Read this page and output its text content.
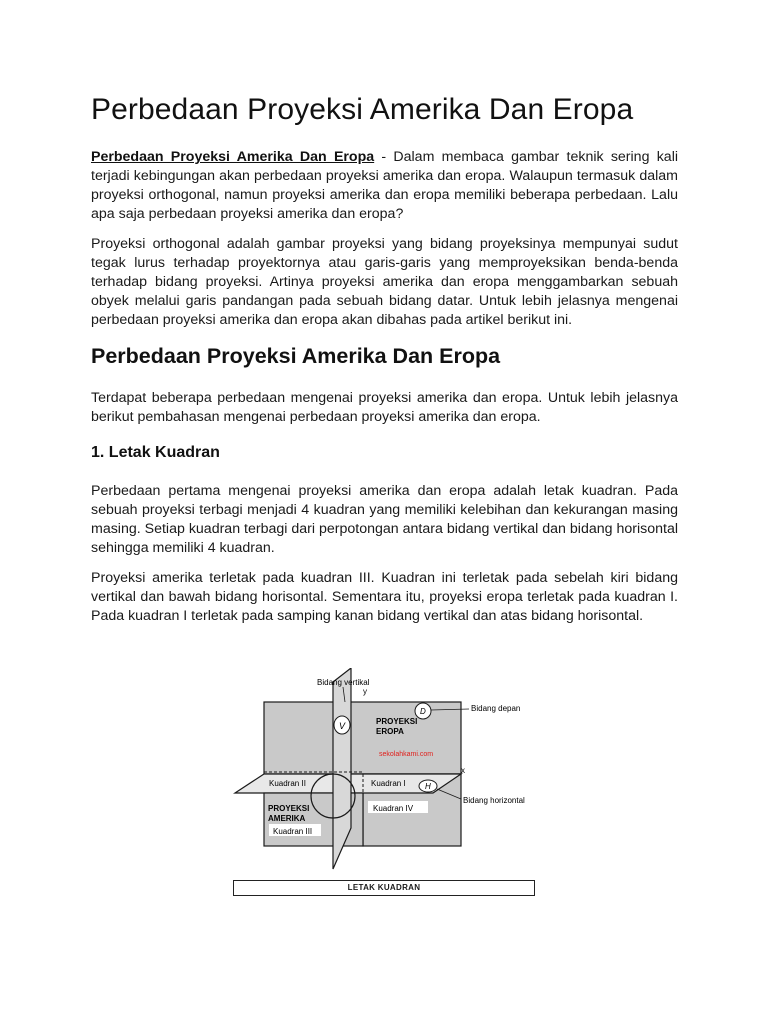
Perbedaan Proyeksi Amerika Dan Eropa

Perbedaan Proyeksi Amerika Dan Eropa - Dalam membaca gambar teknik sering kali terjadi kebingungan akan perbedaan proyeksi amerika dan eropa. Walaupun termasuk dalam proyeksi orthogonal, namun proyeksi amerika dan eropa memiliki beberapa perbedaan. Lalu apa saja perbedaan proyeksi amerika dan eropa?

Proyeksi orthogonal adalah gambar proyeksi yang bidang proyeksinya mempunyai sudut tegak lurus terhadap proyektornya atau garis-garis yang memproyeksikan benda-benda terhadap bidang proyeksi. Artinya proyeksi amerika dan eropa menggambarkan sebuah obyek melalui garis pandangan pada sebuah bidang datar. Untuk lebih jelasnya mengenai perbedaan proyeksi amerika dan eropa akan dibahas pada artikel berikut ini.

Perbedaan Proyeksi Amerika Dan Eropa

Terdapat beberapa perbedaan mengenai proyeksi amerika dan eropa. Untuk lebih jelasnya berikut pembahasan mengenai perbedaan proyeksi amerika dan eropa.

1. Letak Kuadran

Perbedaan pertama mengenai proyeksi amerika dan eropa adalah letak kuadran. Pada sebuah proyeksi terbagi menjadi 4 kuadran yang memiliki kelebihan dan kekurangan masing masing. Setiap kuadran terbagi dari perpotongan antara bidang vertikal dan bidang horisontal sehingga memiliki 4 kuadran.

Proyeksi amerika terletak pada kuadran III. Kuadran ini terletak pada sebelah kiri bidang vertikal dan bawah bidang horisontal. Sementara itu, proyeksi eropa terletak pada kuadran I. Pada kuadran I terletak pada samping kanan bidang vertikal dan atas bidang horisontal.

V
D
H
Bidang vertikal
y
Bidang depan
x
Bidang horizontal
PROYEKSI
EROPA
sekolahkami.com
Kuadran II	Kuadran I
Kuadran IV
PROYEKSI
AMERIKA
Kuadran III
LETAK KUADRAN
